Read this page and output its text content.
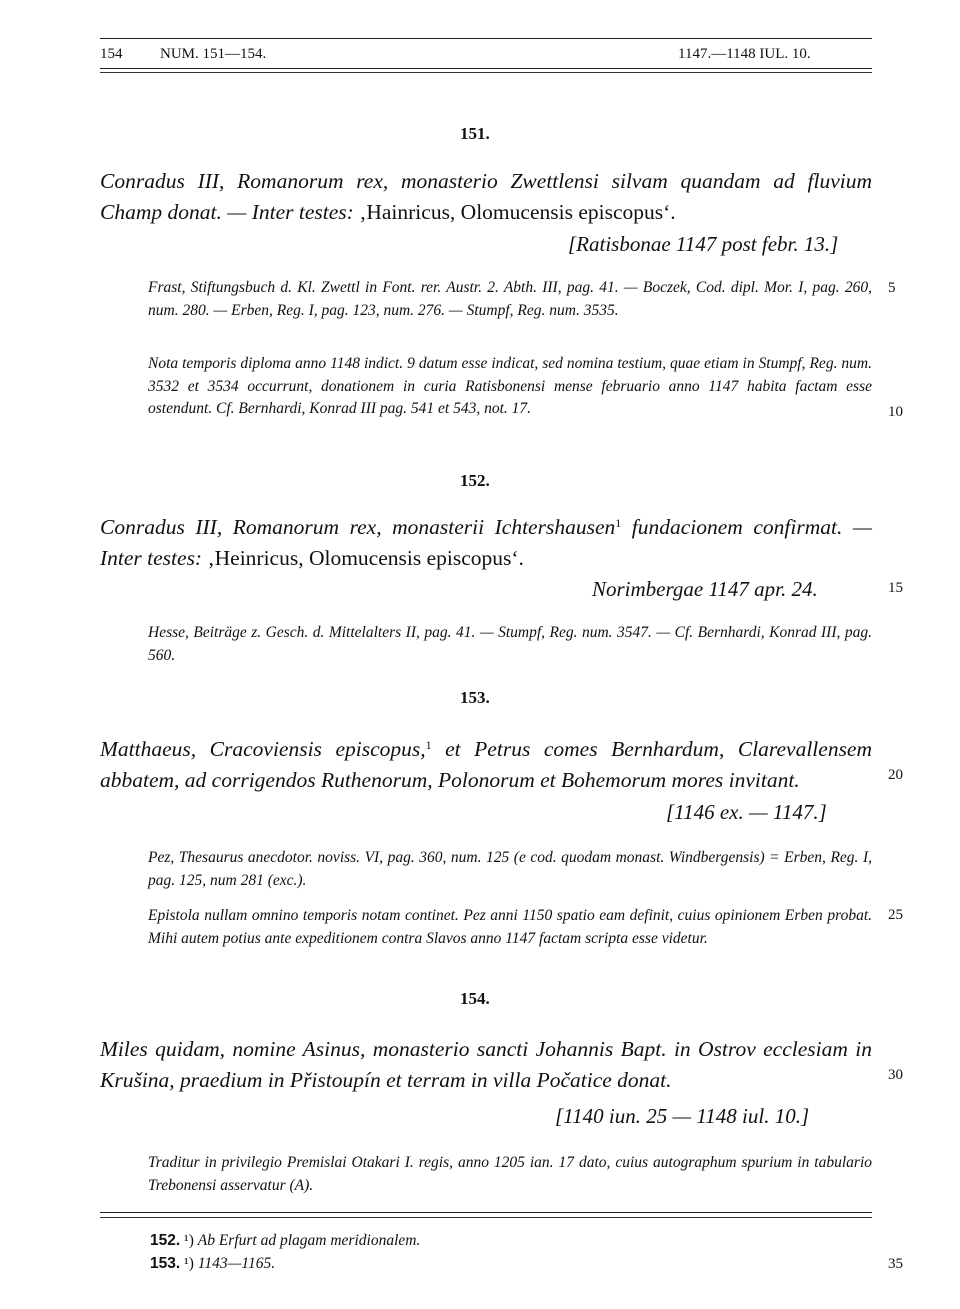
154	NUM. 151—154.	1147.—1148 IUL. 10.
151.
Conradus III, Romanorum rex, monasterio Zwettlensi silvam quandam ad fluvium Champ donat. — Inter testes: ‚Hainricus, Olomucensis episcopus‘.
[Ratisbonae 1147 post febr. 13.]
Frast, Stiftungsbuch d. Kl. Zwettl in Font. rer. Austr. 2. Abth. III, pag. 41. — Boczek, Cod. dipl. Mor. I, pag. 260, num. 280. — Erben, Reg. I, pag. 123, num. 276. — Stumpf, Reg. num. 3535.
Nota temporis diplomа anno 1148 indict. 9 datum esse indicat, sed nomina testium, quae etiam in Stumpf, Reg. num. 3532 et 3534 occurrunt, donationem in curia Ratisbonensi mense februario anno 1147 habita factam esse ostendunt. Cf. Bernhardi, Konrad III pag. 541 et 543, not. 17.
152.
Conradus III, Romanorum rex, monasterii Ichtershausen$^1$ fundacionem confirmat. — Inter testes: ‚Heinricus, Olomucensis episcopus‘.
Norimbergae 1147 apr. 24.
Hesse, Beiträge z. Gesch. d. Mittelalters II, pag. 41. — Stumpf, Reg. num. 3547. — Cf. Bernhardi, Konrad III, pag. 560.
153.
Matthaeus, Cracoviensis episcopus,$^1$ et Petrus comes Bernhardum, Clarevallensem abbatem, ad corrigendos Ruthenorum, Polonorum et Bohemorum mores invitant.
[1146 ex. — 1147.]
Pez, Thesaurus anecdotor. noviss. VI, pag. 360, num. 125 (e cod. quodam monast. Windbergensis) = Erben, Reg. I, pag. 125, num 281 (exc.).
Epistola nullam omnino temporis notam continet. Pez anni 1150 spatio eam definit, cuius opinionem Erben probat. Mihi autem potius ante expeditionem contra Slavos anno 1147 factam scripta esse videtur.
154.
Miles quidam, nomine Asinus, monasterio sancti Johannis Bapt. in Ostrov ecclesiam in Krušina, praedium in Přistoupín et terram in villa Počatice donat.
[1140 iun. 25 — 1148 iul. 10.]
Traditur in privilegio Premislai Otakari I. regis, anno 1205 ian. 17 dato, cuius autographum spurium in tabulario Trebonensi asservatur (A).
152. ¹) Ab Erfurt ad plagam meridionalem.
153. ¹) 1143—1165.
5
10
15
20
25
30
35
